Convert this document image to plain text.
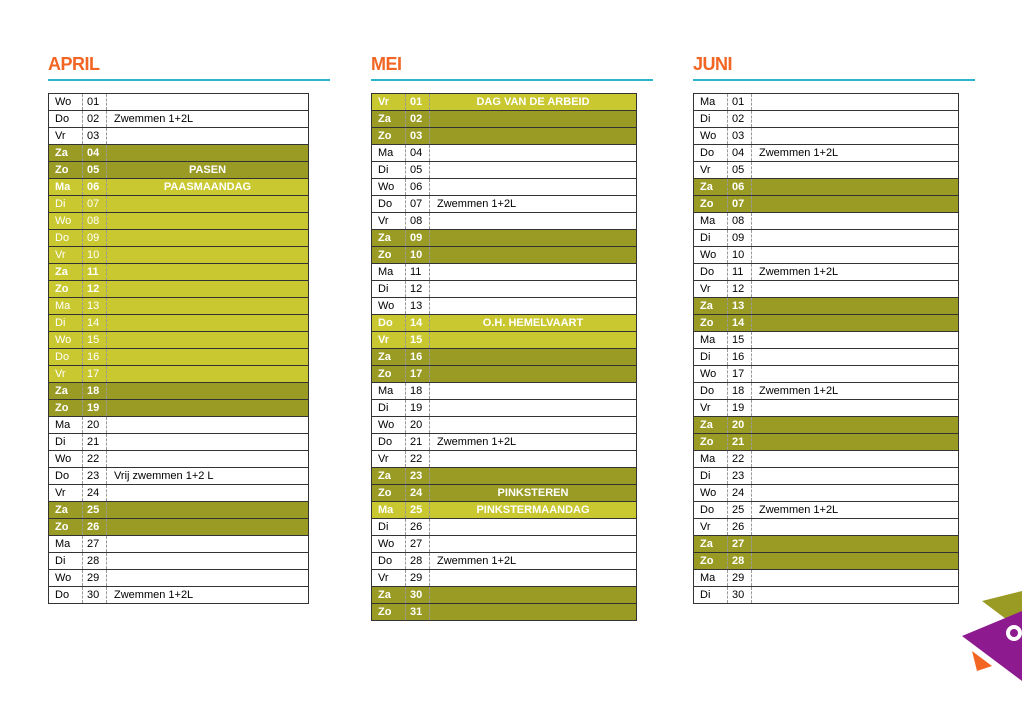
APRIL
Wo	01	
Do	02	Zwemmen 1+2L
Vr	03	
Za	04	
Zo	05	PASEN
Ma	06	PAASMAANDAG
Di	07	
Wo	08	
Do	09	
Vr	10	
Za	11	
Zo	12	
Ma	13	
Di	14	
Wo	15	
Do	16	
Vr	17	
Za	18	
Zo	19	
Ma	20	
Di	21	
Wo	22	
Do	23	Vrij zwemmen 1+2 L
Vr	24	
Za	25	
Zo	26	
Ma	27	
Di	28	
Wo	29	
Do	30	Zwemmen 1+2L
MEI
Vr	01	DAG VAN DE ARBEID
Za	02	
Zo	03	
Ma	04	
Di	05	
Wo	06	
Do	07	Zwemmen 1+2L
Vr	08	
Za	09	
Zo	10	
Ma	11	
Di	12	
Wo	13	
Do	14	O.H. HEMELVAART
Vr	15	
Za	16	
Zo	17	
Ma	18	
Di	19	
Wo	20	
Do	21	Zwemmen 1+2L
Vr	22	
Za	23	
Zo	24	PINKSTEREN
Ma	25	PINKSTERMAANDAG
Di	26	
Wo	27	
Do	28	Zwemmen 1+2L
Vr	29	
Za	30	
Zo	31	
JUNI
Ma	01	
Di	02	
Wo	03	
Do	04	Zwemmen 1+2L
Vr	05	
Za	06	
Zo	07	
Ma	08	
Di	09	
Wo	10	
Do	11	Zwemmen 1+2L
Vr	12	
Za	13	
Zo	14	
Ma	15	
Di	16	
Wo	17	
Do	18	Zwemmen 1+2L
Vr	19	
Za	20	
Zo	21	
Ma	22	
Di	23	
Wo	24	
Do	25	Zwemmen 1+2L
Vr	26	
Za	27	
Zo	28	
Ma	29	
Di	30	
